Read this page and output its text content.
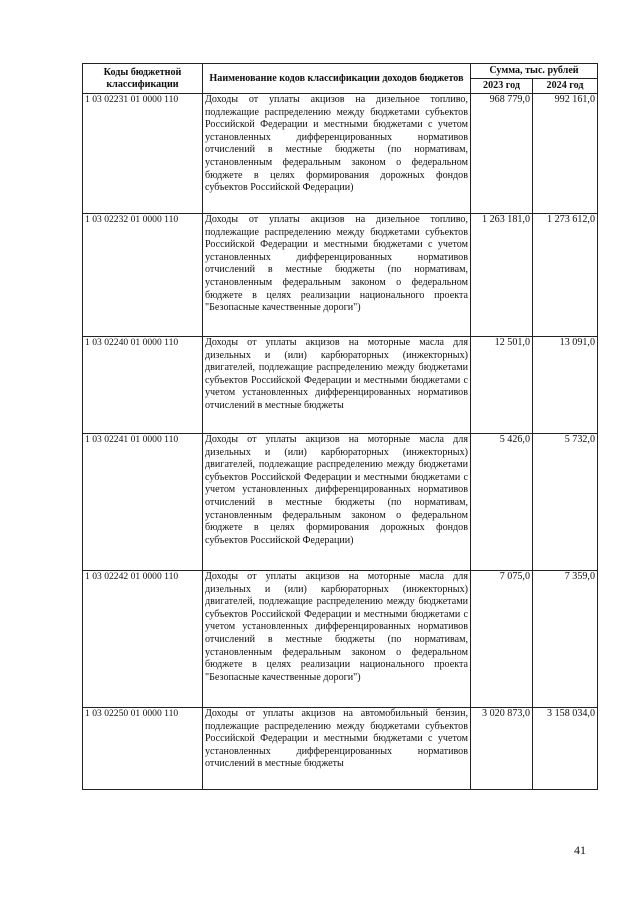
Коды бюджетной классификации	Наименование кодов классификации доходов бюджетов	Сумма, тыс. рублей	
		2023 год	2024 год
1 03 02231 01 0000 110	Доходы от уплаты акцизов на дизельное топливо, подлежащие распределению между бюджетами субъектов Российской Федерации и местными бюджетами с учетом установленных дифференцированных нормативов отчислений в местные бюджеты (по нормативам, установленным федеральным законом о федеральном бюджете в целях формирования дорожных фондов субъектов Российской Федерации)	968 779,0	992 161,0
1 03 02232 01 0000 110	Доходы от уплаты акцизов на дизельное топливо, подлежащие распределению между бюджетами субъектов Российской Федерации и местными бюджетами с учетом установленных дифференцированных нормативов отчислений в местные бюджеты (по нормативам, установленным федеральным законом о федеральном бюджете в целях реализации национального проекта "Безопасные качественные дороги")	1 263 181,0	1 273 612,0
1 03 02240 01 0000 110	Доходы от уплаты акцизов на моторные масла для дизельных и (или) карбюраторных (инжекторных) двигателей, подлежащие распределению между бюджетами субъектов Российской Федерации и местными бюджетами с учетом установленных дифференцированных нормативов отчислений в местные бюджеты	12 501,0	13 091,0
1 03 02241 01 0000 110	Доходы от уплаты акцизов на моторные масла для дизельных и (или) карбюраторных (инжекторных) двигателей, подлежащие распределению между бюджетами субъектов Российской Федерации и местными бюджетами с учетом установленных дифференцированных нормативов отчислений в местные бюджеты (по нормативам, установленным федеральным законом о федеральном бюджете в целях формирования дорожных фондов субъектов Российской Федерации)	5 426,0	5 732,0
1 03 02242 01 0000 110	Доходы от уплаты акцизов на моторные масла для дизельных и (или) карбюраторных (инжекторных) двигателей, подлежащие распределению между бюджетами субъектов Российской Федерации и местными бюджетами с учетом установленных дифференцированных нормативов отчислений в местные бюджеты (по нормативам, установленным федеральным законом о федеральном бюджете в целях реализации национального проекта "Безопасные качественные дороги")	7 075,0	7 359,0
1 03 02250 01 0000 110	Доходы от уплаты акцизов на автомобильный бензин, подлежащие распределению между бюджетами субъектов Российской Федерации и местными бюджетами с учетом установленных дифференцированных нормативов отчислений в местные бюджеты	3 020 873,0	3 158 034,0
41
